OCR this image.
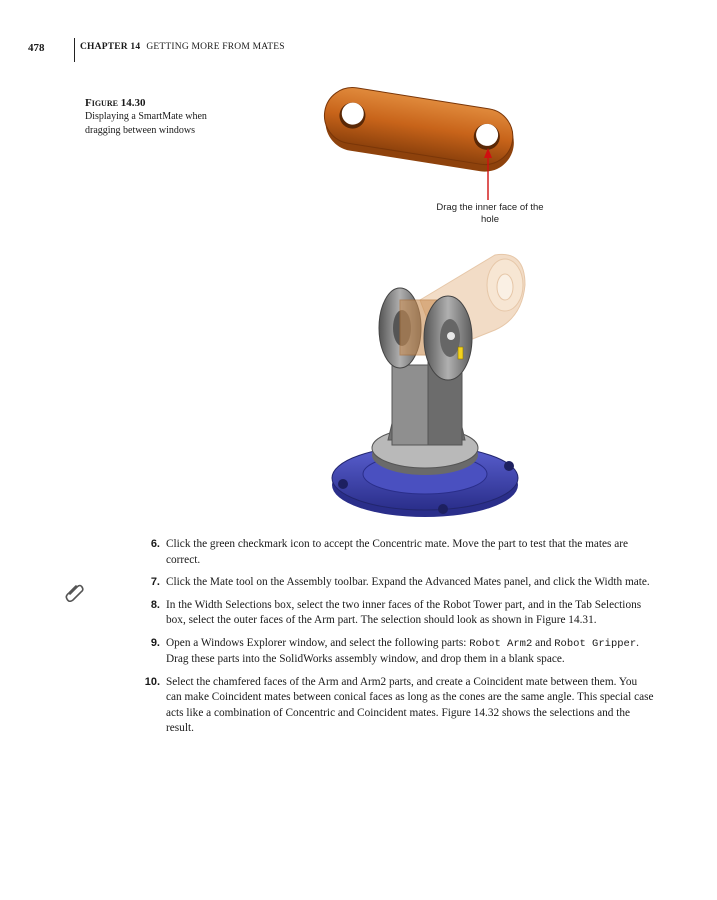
478	CHAPTER 14 GETTING MORE FROM MATES
Figure 14.30
Displaying a SmartMate when dragging between windows
Drag the inner face of the hole
6. Click the green checkmark icon to accept the Concentric mate. Move the part to test that the mates are correct.
7. Click the Mate tool on the Assembly toolbar. Expand the Advanced Mates panel, and click the Width mate.
8. In the Width Selections box, select the two inner faces of the Robot Tower part, and in the Tab Selections box, select the outer faces of the Arm part. The selection should look as shown in Figure 14.31.
9. Open a Windows Explorer window, and select the following parts: Robot Arm2 and Robot Gripper. Drag these parts into the SolidWorks assembly window, and drop them in a blank space.
10. Select the chamfered faces of the Arm and Arm2 parts, and create a Coincident mate between them. You can make Coincident mates between conical faces as long as the cones are the same angle. This special case acts like a combination of Concentric and Coincident mates. Figure 14.32 shows the selections and the result.
